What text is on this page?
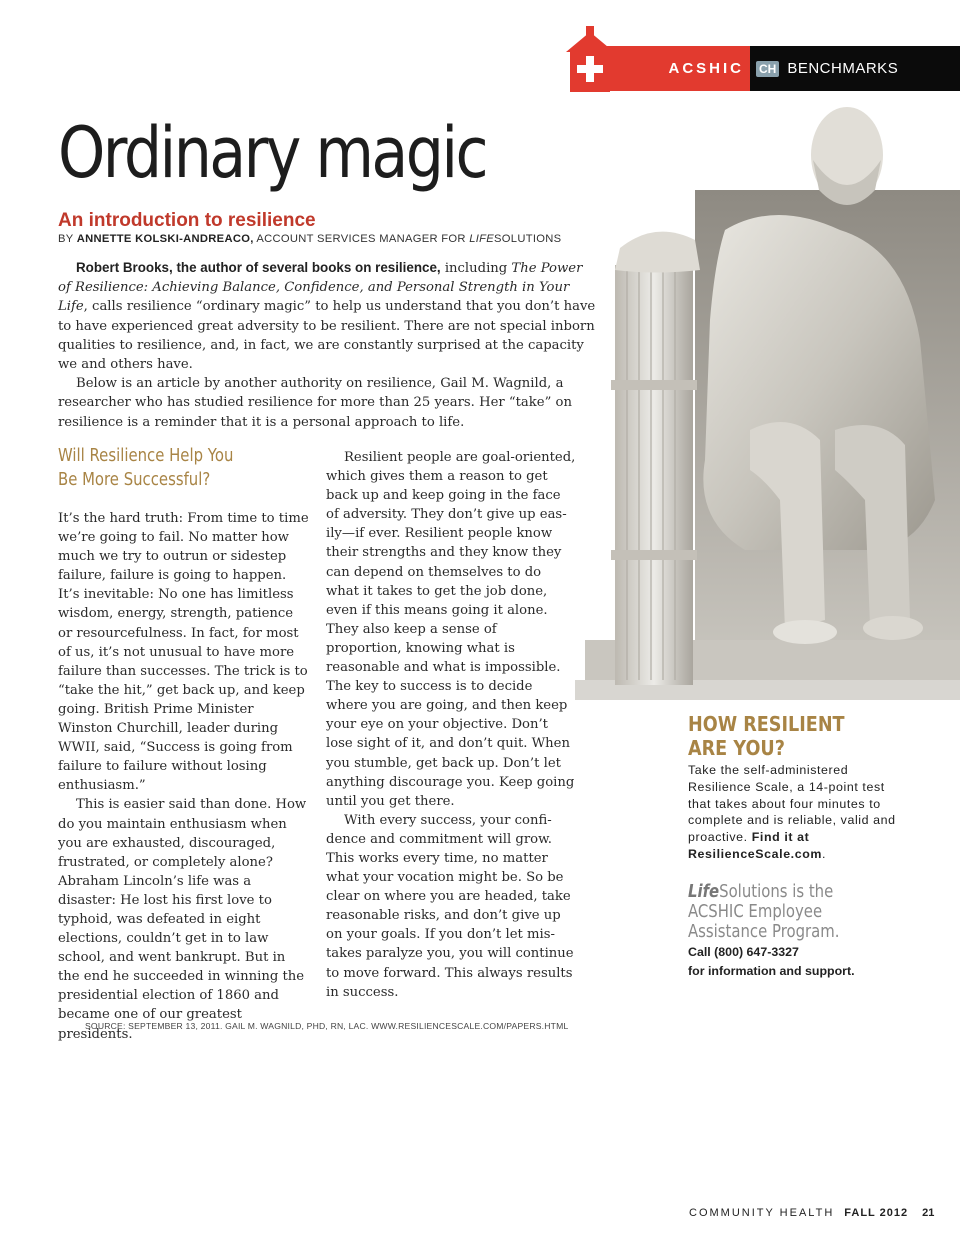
ACSHIC CH BENCHMARKS
Ordinary magic
An introduction to resilience
BY ANNETTE KOLSKI-ANDREACO, ACCOUNT SERVICES MANAGER FOR LIFESOLUTIONS

Robert Brooks, the author of several books on resilience, including The Power of Resilience: Achieving Balance, Confidence, and Personal Strength in Your Life, calls resilience “ordinary magic” to help us understand that you don’t have to have experienced great adversity to be resilient. There are not special inborn qualities to resilience, and, in fact, we are constantly surprised at the capacity we and others have.

Below is an article by another authority on resilience, Gail M. Wagnild, a researcher who has studied resilience for more than 25 years. Her “take” on resilience is a reminder that it is a personal approach to life.

Will Resilience Help You
Be More Successful?

It’s the hard truth: From time to time we’re going to fail. No matter how much we try to outrun or sidestep failure, failure is going to happen. It’s inevitable: No one has limitless wisdom, energy, strength, patience or resourcefulness. In fact, for most of us, it’s not unusual to have more failure than successes. The trick is to “take the hit,” get back up, and keep going. British Prime Minister Winston Churchill, leader during WWII, said, “Success is going from failure to failure without losing enthusiasm.”

This is easier said than done. How do you maintain enthusiasm when you are exhausted, discouraged, frustrated, or completely alone? Abraham Lincoln’s life was a disaster: He lost his first love to typhoid, was defeated in eight elections, couldn’t get in to law school, and went bankrupt. But in the end he succeeded in winning the presidential election of 1860 and became one of our greatest presidents.

Resilient people are goal-oriented, which gives them a reason to get back up and keep going in the face of adversity. They don’t give up easily—if ever. Resilient people know their strengths and they know they can depend on themselves to do what it takes to get the job done, even if this means going it alone. They also keep a sense of proportion, knowing what is reasonable and what is impossible. The key to success is to decide where you are going, and then keep your eye on your objective. Don’t lose sight of it, and don’t quit. When you stumble, get back up. Don’t let anything discourage you. Keep going until you get there.

With every success, your confidence and commitment will grow. This works every time, no matter what your vocation might be. So be clear on where you are headed, take reasonable risks, and don’t give up on your goals. If you don’t let mistakes paralyze you, you will continue to move forward. This always results in success.

SOURCE: SEPTEMBER 13, 2011. GAIL M. WAGNILD, PHD, RN, LAC. WWW.RESILIENCESCALE.COM/PAPERS.HTML
HOW RESILIENT
ARE YOU?
Take the self-administered Resilience Scale, a 14-point test that takes about four minutes to complete and is reliable, valid and proactive. Find it at ResilienceScale.com.
LifeSolutions is the
ACSHIC Employee
Assistance Program.
Call (800) 647-3327
for information and support.
COMMUNITY HEALTH FALL 2012 21
